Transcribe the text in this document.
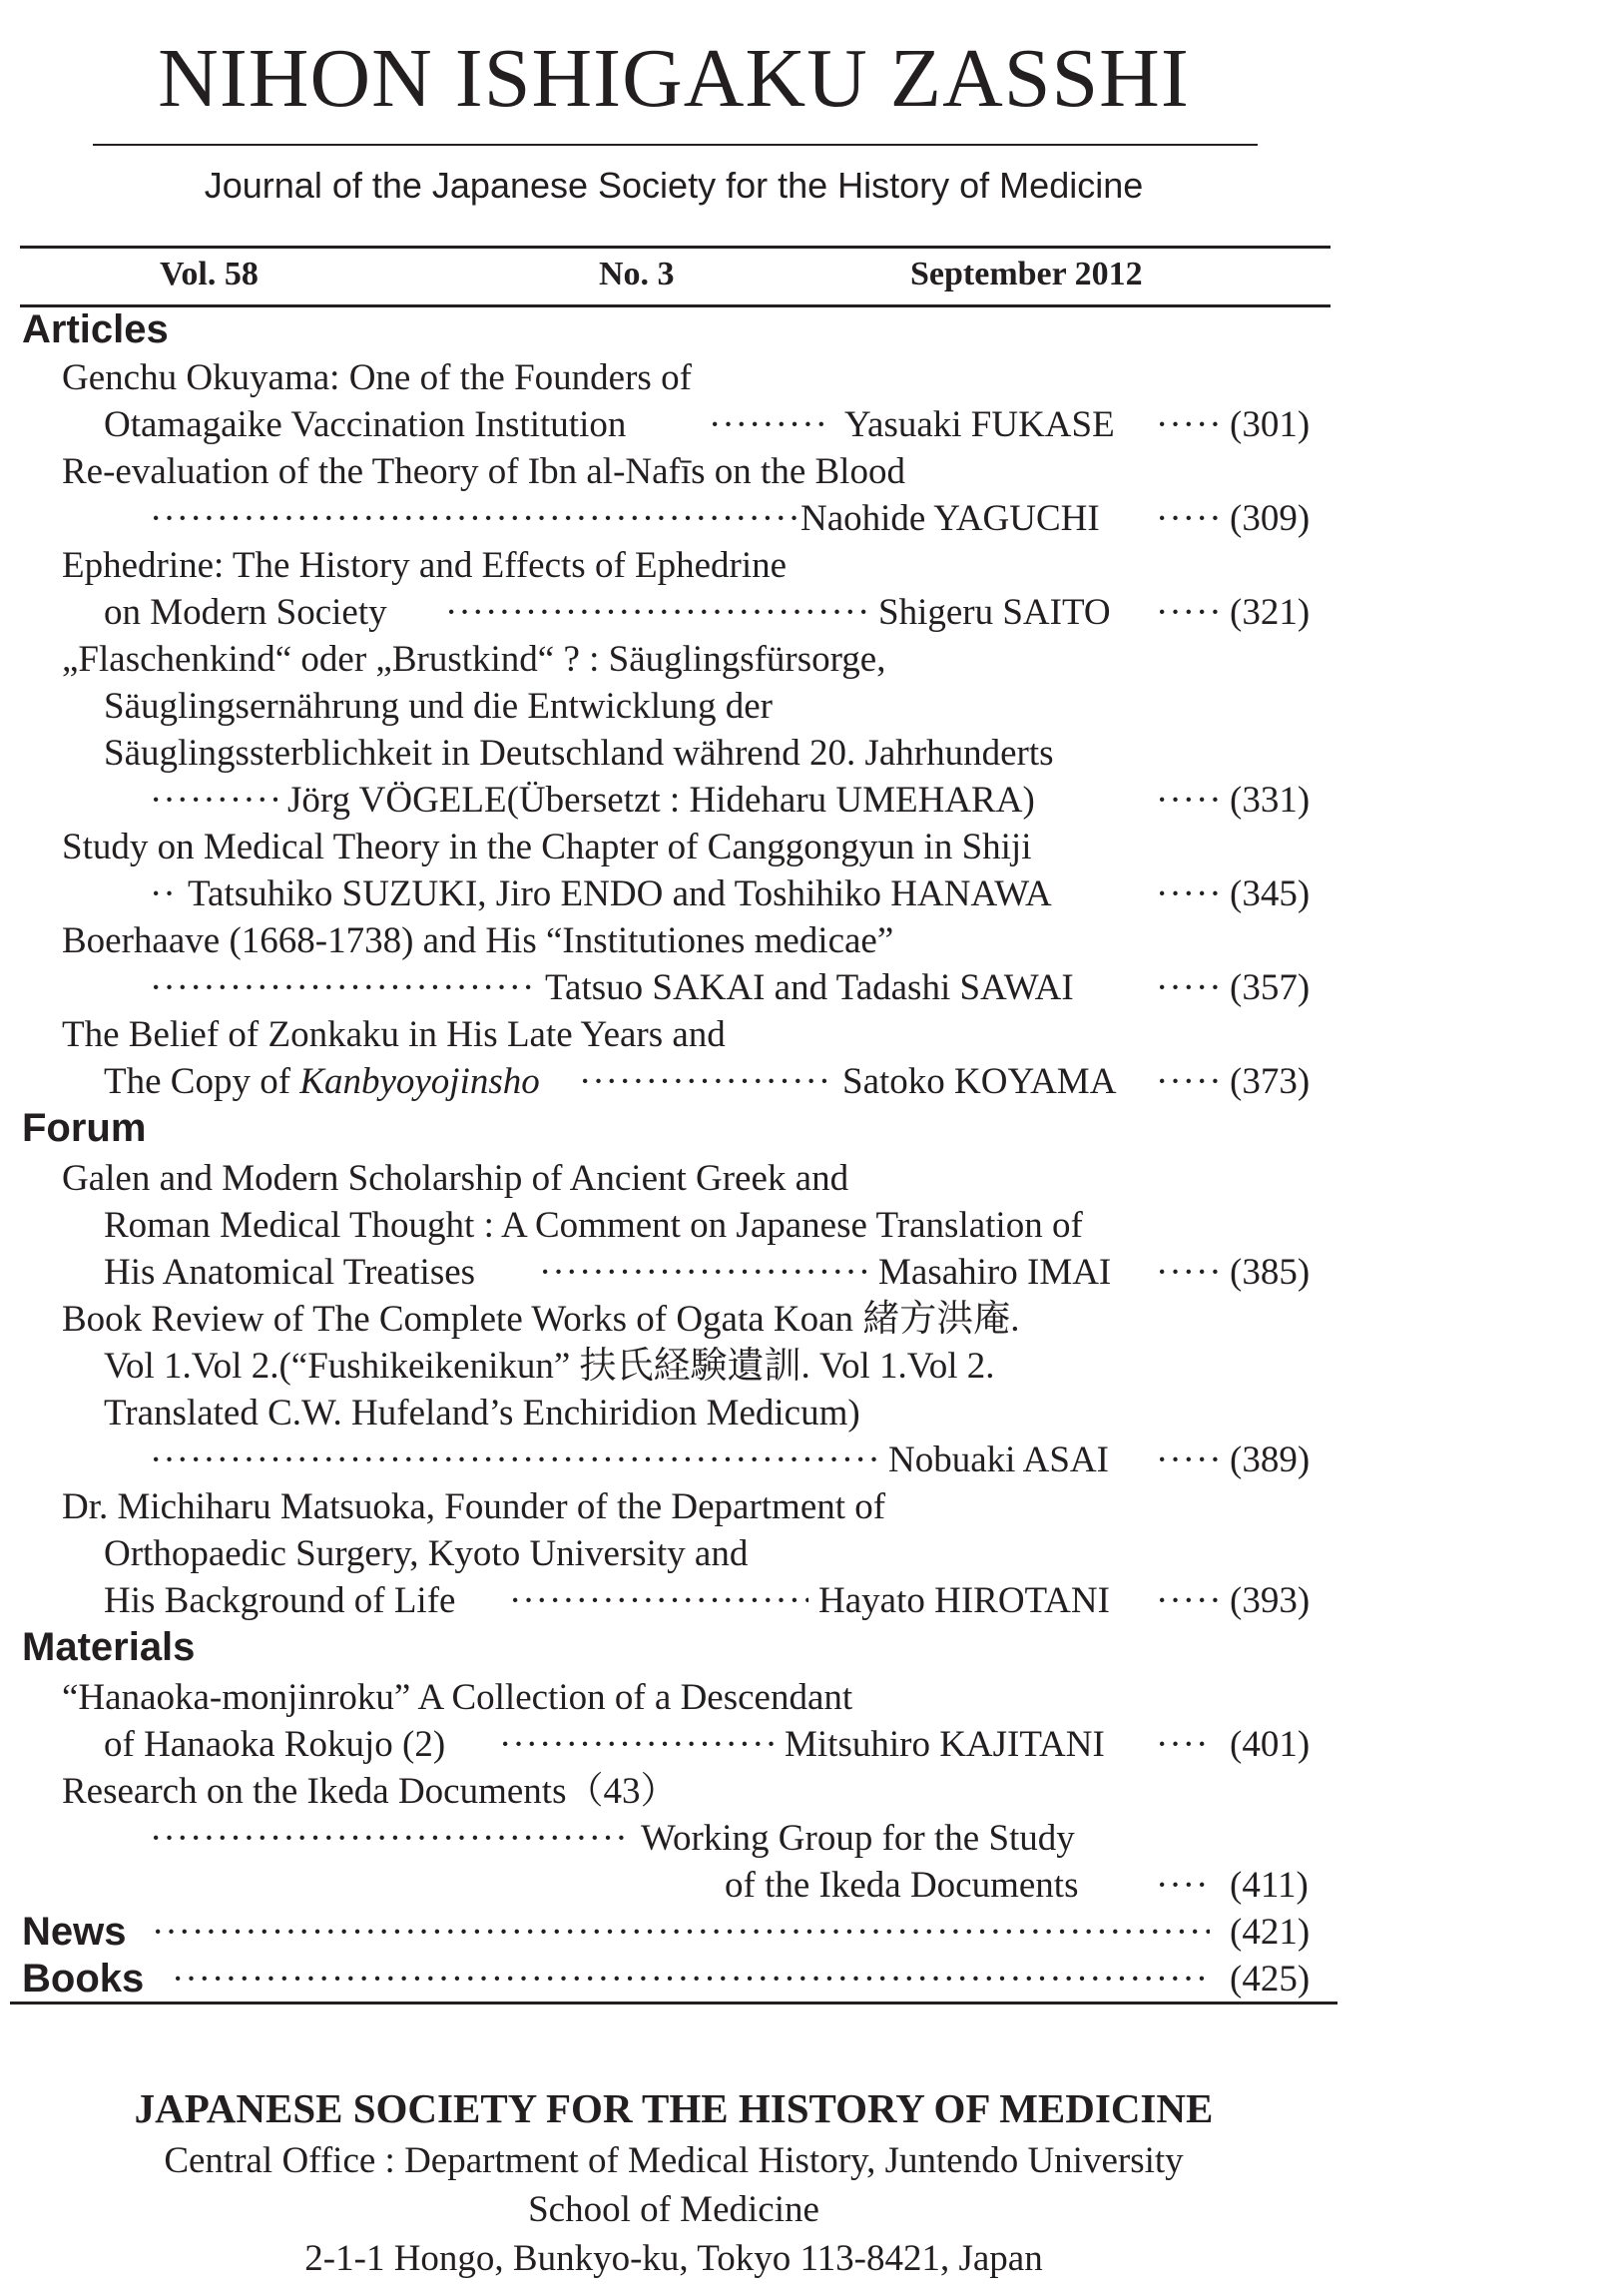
NIHON ISHIGAKU ZASSHI
Journal of the Japanese Society for the History of Medicine
Vol. 58	No. 3	September 2012
Articles
Genchu Okuyama: One of the Founders of
Otamagaike Vaccination Institution ·····	Yasuaki FUKASE ·····	(301)
Re-evaluation of the Theory of Ibn al-Nafīs on the Blood
·····
Naohide YAGUCHI ·····	(309)
Ephedrine: The History and Effects of Ephedrine
on Modern Society ·····	Shigeru SAITO ·····	(321)
„Flaschenkind“ oder „Brustkind“ ? : Säuglingsfürsorge,
Säuglingsernährung und die Entwicklung der
Säuglingssterblichkeit in Deutschland während 20. Jahrhunderts
·····
Jörg VÖGELE(Übersetzt : Hideharu UMEHARA) ·····	(331)
Study on Medical Theory in the Chapter of Canggongyun in Shiji
·····
Tatsuhiko SUZUKI, Jiro ENDO and Toshihiko HANAWA ·····	(345)
Boerhaave (1668-1738) and His “Institutiones medicae”
·····
Tatsuo SAKAI and Tadashi SAWAI ·····	(357)
The Belief of Zonkaku in His Late Years and
The Copy of Kanbyoyojinsho ·····	Satoko KOYAMA ·····	(373)
Forum
Galen and Modern Scholarship of Ancient Greek and
Roman Medical Thought : A Comment on Japanese Translation of
His Anatomical Treatises ·····	Masahiro IMAI ·····	(385)
Book Review of The Complete Works of Ogata Koan 緒方洪庵.
Vol 1.Vol 2.(“Fushikeikenikun” 扶氏経験遺訓. Vol 1.Vol 2.
Translated C.W. Hufeland’s Enchiridion Medicum)
·····
Nobuaki ASAI ·····	(389)
Dr. Michiharu Matsuoka, Founder of the Department of
Orthopaedic Surgery, Kyoto University and
His Background of Life ·····	Hayato HIROTANI ·····	(393)
Materials
“Hanaoka-monjinroku” A Collection of a Descendant
of Hanaoka Rokujo (2) ·····	Mitsuhiro KAJITANI ·····	(401)
Research on the Ikeda Documents（43）
·····
Working Group for the Study
of the Ikeda Documents ·····	(411)
News ·····	(421)
Books ·····	(425)
JAPANESE SOCIETY FOR THE HISTORY OF MEDICINE
Central Office : Department of Medical History, Juntendo University
School of Medicine
2-1-1 Hongo, Bunkyo-ku, Tokyo 113-8421, Japan
